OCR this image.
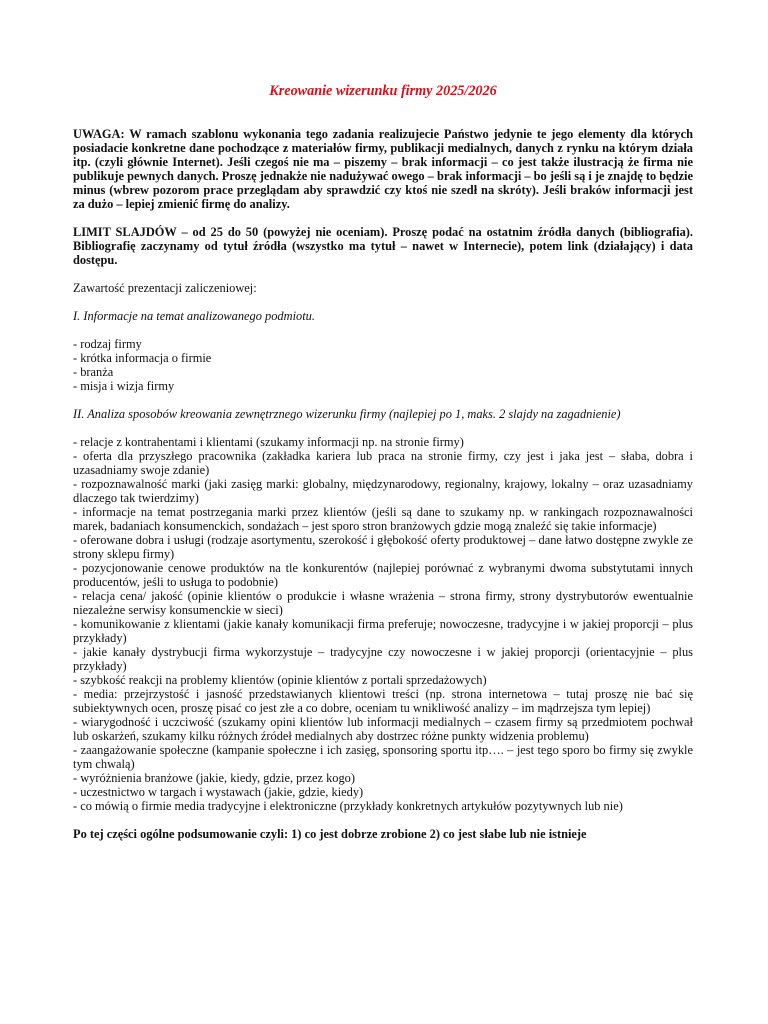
Kreowanie wizerunku firmy 2025/2026

UWAGA: W ramach szablonu wykonania tego zadania realizujecie Państwo jedynie te jego elementy dla których posiadacie konkretne dane pochodzące z materiałów firmy, publikacji medialnych, danych z rynku na którym działa itp. (czyli głównie Internet). Jeśli czegoś nie ma – piszemy – brak informacji – co jest także ilustracją że firma nie publikuje pewnych danych. Proszę jednakże nie nadużywać owego – brak informacji – bo jeśli są i je znajdę to będzie minus (wbrew pozorom prace przeglądam aby sprawdzić czy ktoś nie szedł na skróty). Jeśli braków informacji jest za dużo – lepiej zmienić firmę do analizy.

LIMIT SLAJDÓW – od 25 do 50 (powyżej nie oceniam). Proszę podać na ostatnim źródła danych (bibliografia). Bibliografię zaczynamy od tytuł źródła (wszystko ma tytuł – nawet w Internecie), potem link (działający) i data dostępu.

Zawartość prezentacji zaliczeniowej:

I. Informacje na temat analizowanego podmiotu.

- rodzaj firmy

- krótka informacja o firmie

- branża

- misja i wizja firmy

II. Analiza sposobów kreowania zewnętrznego wizerunku firmy (najlepiej po 1, maks. 2 slajdy na zagadnienie)

- relacje z kontrahentami i klientami (szukamy informacji np. na stronie firmy)

- oferta dla przyszłego pracownika (zakładka kariera lub praca na stronie firmy, czy jest i jaka jest – słaba, dobra i uzasadniamy swoje zdanie)

- rozpoznawalność marki (jaki zasięg marki: globalny, międzynarodowy, regionalny, krajowy, lokalny – oraz uzasadniamy dlaczego tak twierdzimy)

- informacje na temat postrzegania marki przez klientów (jeśli są dane to szukamy np. w rankingach rozpoznawalności marek, badaniach konsumenckich, sondażach – jest sporo stron branżowych gdzie mogą znaleźć się takie informacje)

- oferowane dobra i usługi (rodzaje asortymentu, szerokość i głębokość oferty produktowej – dane łatwo dostępne zwykle ze strony sklepu firmy)

- pozycjonowanie cenowe produktów na tle konkurentów (najlepiej porównać z wybranymi dwoma substytutami innych producentów, jeśli to usługa to podobnie)

- relacja cena/ jakość (opinie klientów o produkcie i własne wrażenia – strona firmy, strony dystrybutorów ewentualnie niezależne serwisy konsumenckie w sieci)

- komunikowanie z klientami (jakie kanały komunikacji firma preferuje; nowoczesne, tradycyjne i w jakiej proporcji – plus przykłady)

- jakie kanały dystrybucji firma wykorzystuje – tradycyjne czy nowoczesne i w jakiej proporcji (orientacyjnie – plus przykłady)

- szybkość reakcji na problemy klientów (opinie klientów z portali sprzedażowych)

- media: przejrzystość i jasność przedstawianych klientowi treści (np. strona internetowa – tutaj proszę nie bać się subiektywnych ocen, proszę pisać co jest złe a co dobre, oceniam tu wnikliwość analizy – im mądrzejsza tym lepiej)

- wiarygodność i uczciwość (szukamy opini klientów lub informacji medialnych – czasem firmy są przedmiotem pochwał lub oskarżeń, szukamy kilku różnych źródeł medialnych aby dostrzec różne punkty widzenia problemu)

- zaangażowanie społeczne (kampanie społeczne i ich zasięg, sponsoring sportu itp…. – jest tego sporo bo firmy się zwykle tym chwalą)

- wyróżnienia branżowe (jakie, kiedy, gdzie, przez kogo)

- uczestnictwo w targach i wystawach (jakie, gdzie, kiedy)

- co mówią o firmie media tradycyjne i elektroniczne (przykłady konkretnych artykułów pozytywnych lub nie)

Po tej części ogólne podsumowanie czyli: 1) co jest dobrze zrobione 2) co jest słabe lub nie istnieje
